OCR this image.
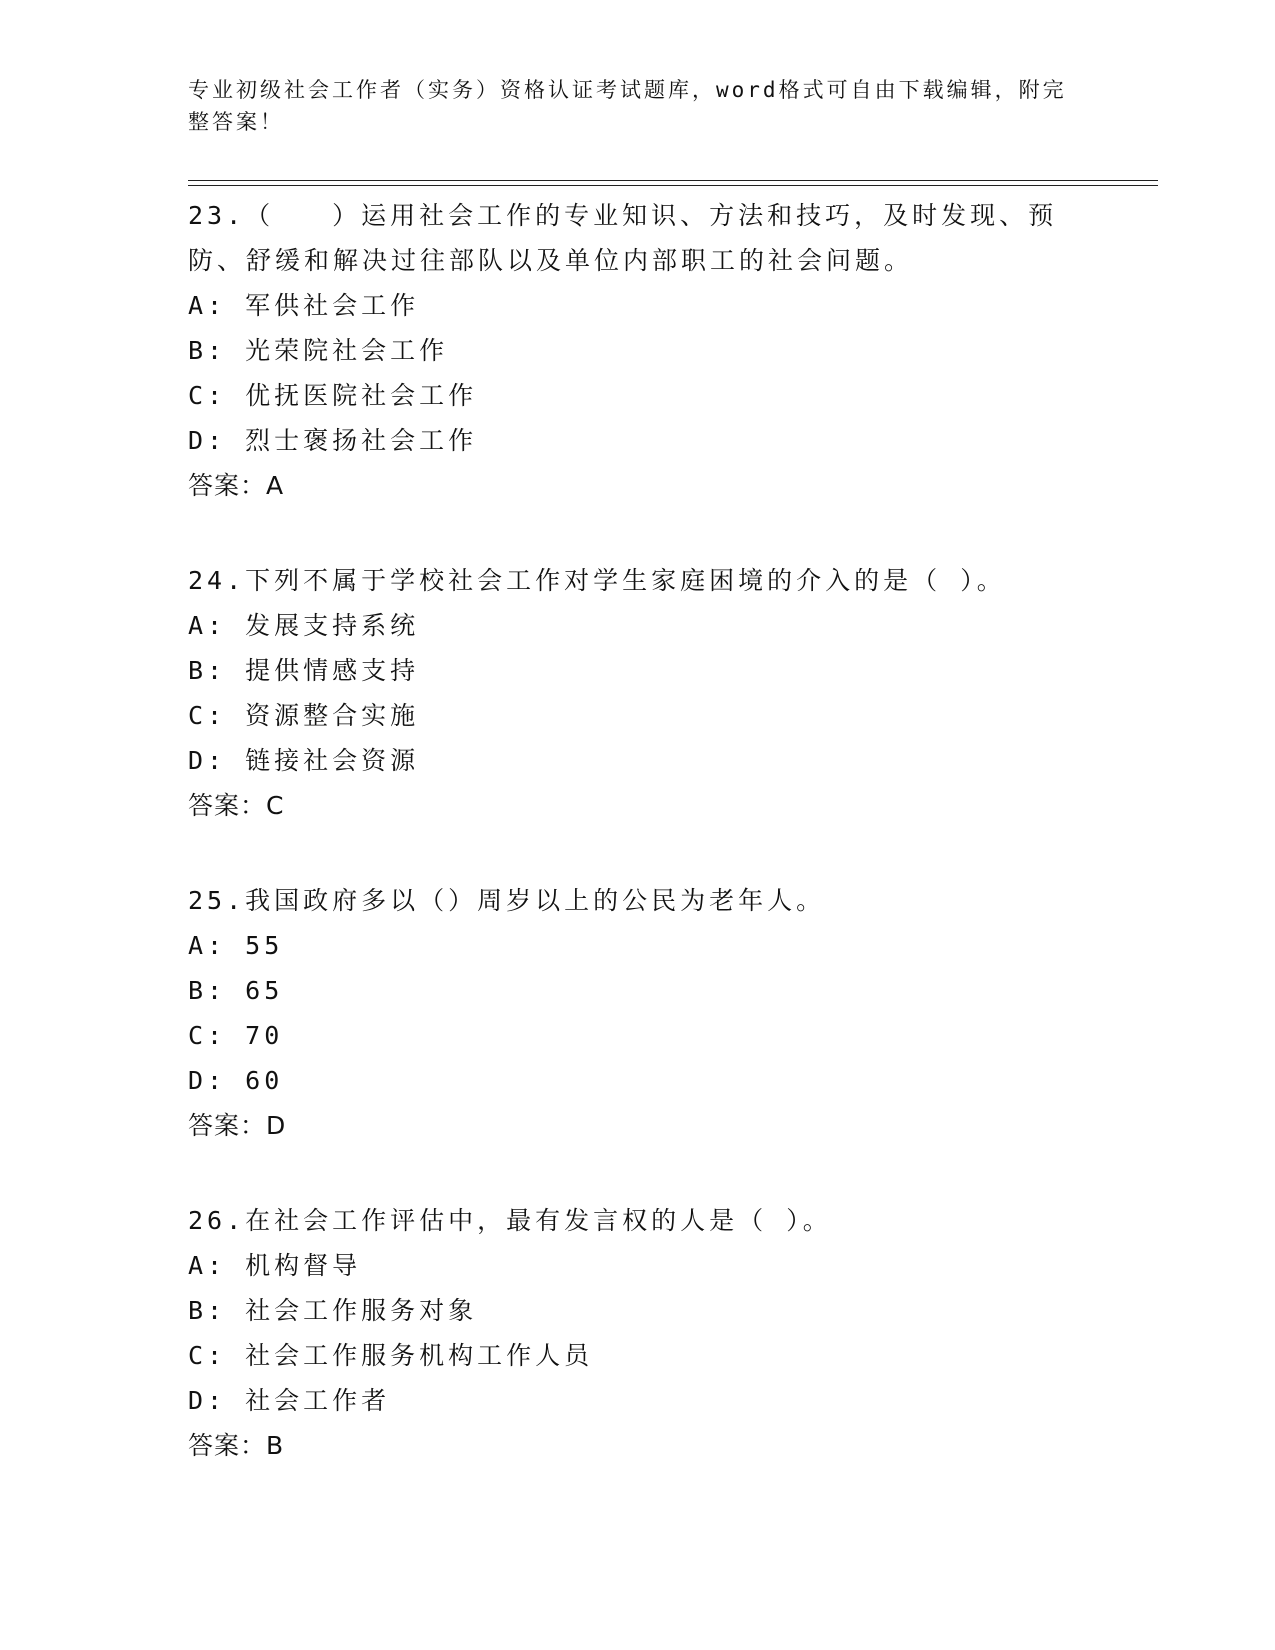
专业初级社会工作者（实务）资格认证考试题库，word格式可自由下载编辑，附完整答案！
23.（　　）运用社会工作的专业知识、方法和技巧，及时发现、预防、舒缓和解决过往部队以及单位内部职工的社会问题。
A: 军供社会工作
B: 光荣院社会工作
C: 优抚医院社会工作
D: 烈士褒扬社会工作
答案：A
24.下列不属于学校社会工作对学生家庭困境的介入的是（ ）。
A: 发展支持系统
B: 提供情感支持
C: 资源整合实施
D: 链接社会资源
答案：C
25.我国政府多以（）周岁以上的公民为老年人。
A: 55
B: 65
C: 70
D: 60
答案：D
26.在社会工作评估中，最有发言权的人是（ ）。
A: 机构督导
B: 社会工作服务对象
C: 社会工作服务机构工作人员
D: 社会工作者
答案：B
